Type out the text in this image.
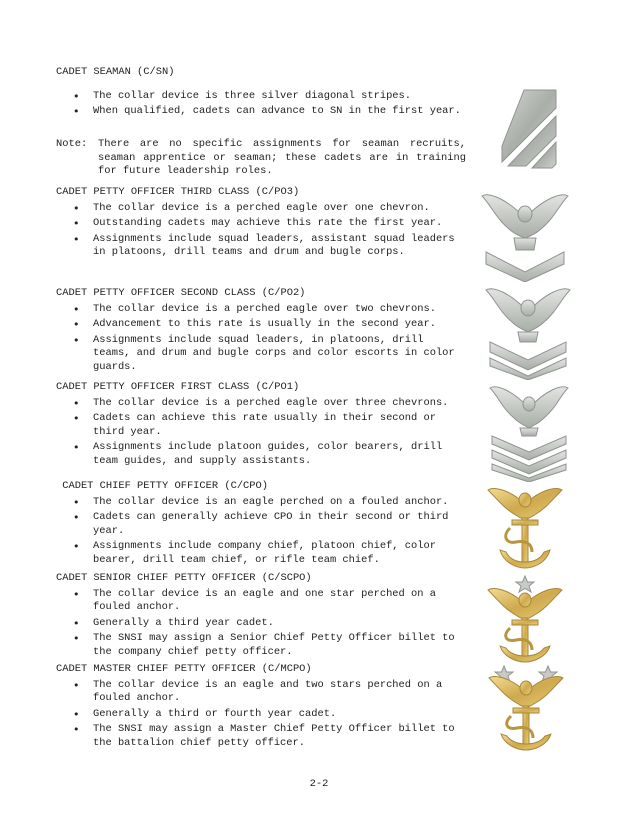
CADET SEAMAN (C/SN)
• The collar device is three silver diagonal stripes.
• When qualified, cadets can advance to SN in the first year.
Note: There are no specific assignments for seaman recruits, seaman apprentice or seaman; these cadets are in training for future leadership roles.
CADET PETTY OFFICER THIRD CLASS (C/PO3)
• The collar device is a perched eagle over one chevron.
• Outstanding cadets may achieve this rate the first year.
• Assignments include squad leaders, assistant squad leaders in platoons, drill teams and drum and bugle corps.
CADET PETTY OFFICER SECOND CLASS (C/PO2)
• The collar device is a perched eagle over two chevrons.
• Advancement to this rate is usually in the second year.
• Assignments include squad leaders, in platoons, drill teams, and drum and bugle corps and color escorts in color guards.
CADET PETTY OFFICER FIRST CLASS (C/PO1)
• The collar device is a perched eagle over three chevrons.
• Cadets can achieve this rate usually in their second or third year.
• Assignments include platoon guides, color bearers, drill team guides, and supply assistants.
CADET CHIEF PETTY OFFICER (C/CPO)
• The collar device is an eagle perched on a fouled anchor.
• Cadets can generally achieve CPO in their second or third year.
• Assignments include company chief, platoon chief, color bearer, drill team chief, or rifle team chief.
CADET SENIOR CHIEF PETTY OFFICER (C/SCPO)
• The collar device is an eagle and one star perched on a fouled anchor.
• Generally a third year cadet.
• The SNSI may assign a Senior Chief Petty Officer billet to the company chief petty officer.
CADET MASTER CHIEF PETTY OFFICER (C/MCPO)
• The collar device is an eagle and two stars perched on a fouled anchor.
• Generally a third or fourth year cadet.
• The SNSI may assign a Master Chief Petty Officer billet to the battalion chief petty officer.
2-2
